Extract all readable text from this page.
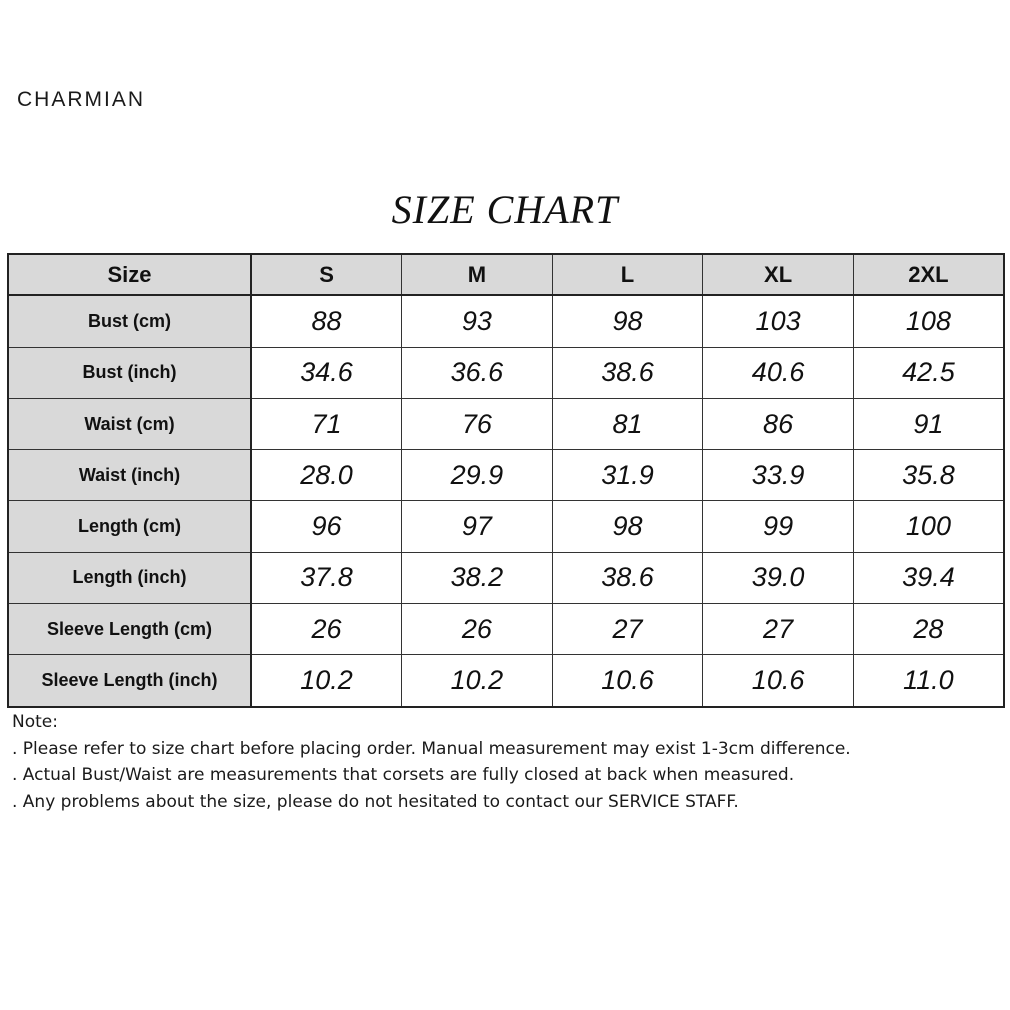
CHARMIAN
SIZE CHART
Size	S	M	L	XL	2XL
Bust (cm)	88	93	98	103	108
Bust (inch)	34.6	36.6	38.6	40.6	42.5
Waist (cm)	71	76	81	86	91
Waist (inch)	28.0	29.9	31.9	33.9	35.8
Length (cm)	96	97	98	99	100
Length (inch)	37.8	38.2	38.6	39.0	39.4
Sleeve Length (cm)	26	26	27	27	28
Sleeve Length (inch)	10.2	10.2	10.6	10.6	11.0
Note:
. Please refer to size chart before placing order. Manual measurement may exist 1-3cm difference.
. Actual Bust/Waist are measurements that corsets are fully closed at back when measured.
. Any problems about the size, please do not hesitated to contact our SERVICE STAFF.
